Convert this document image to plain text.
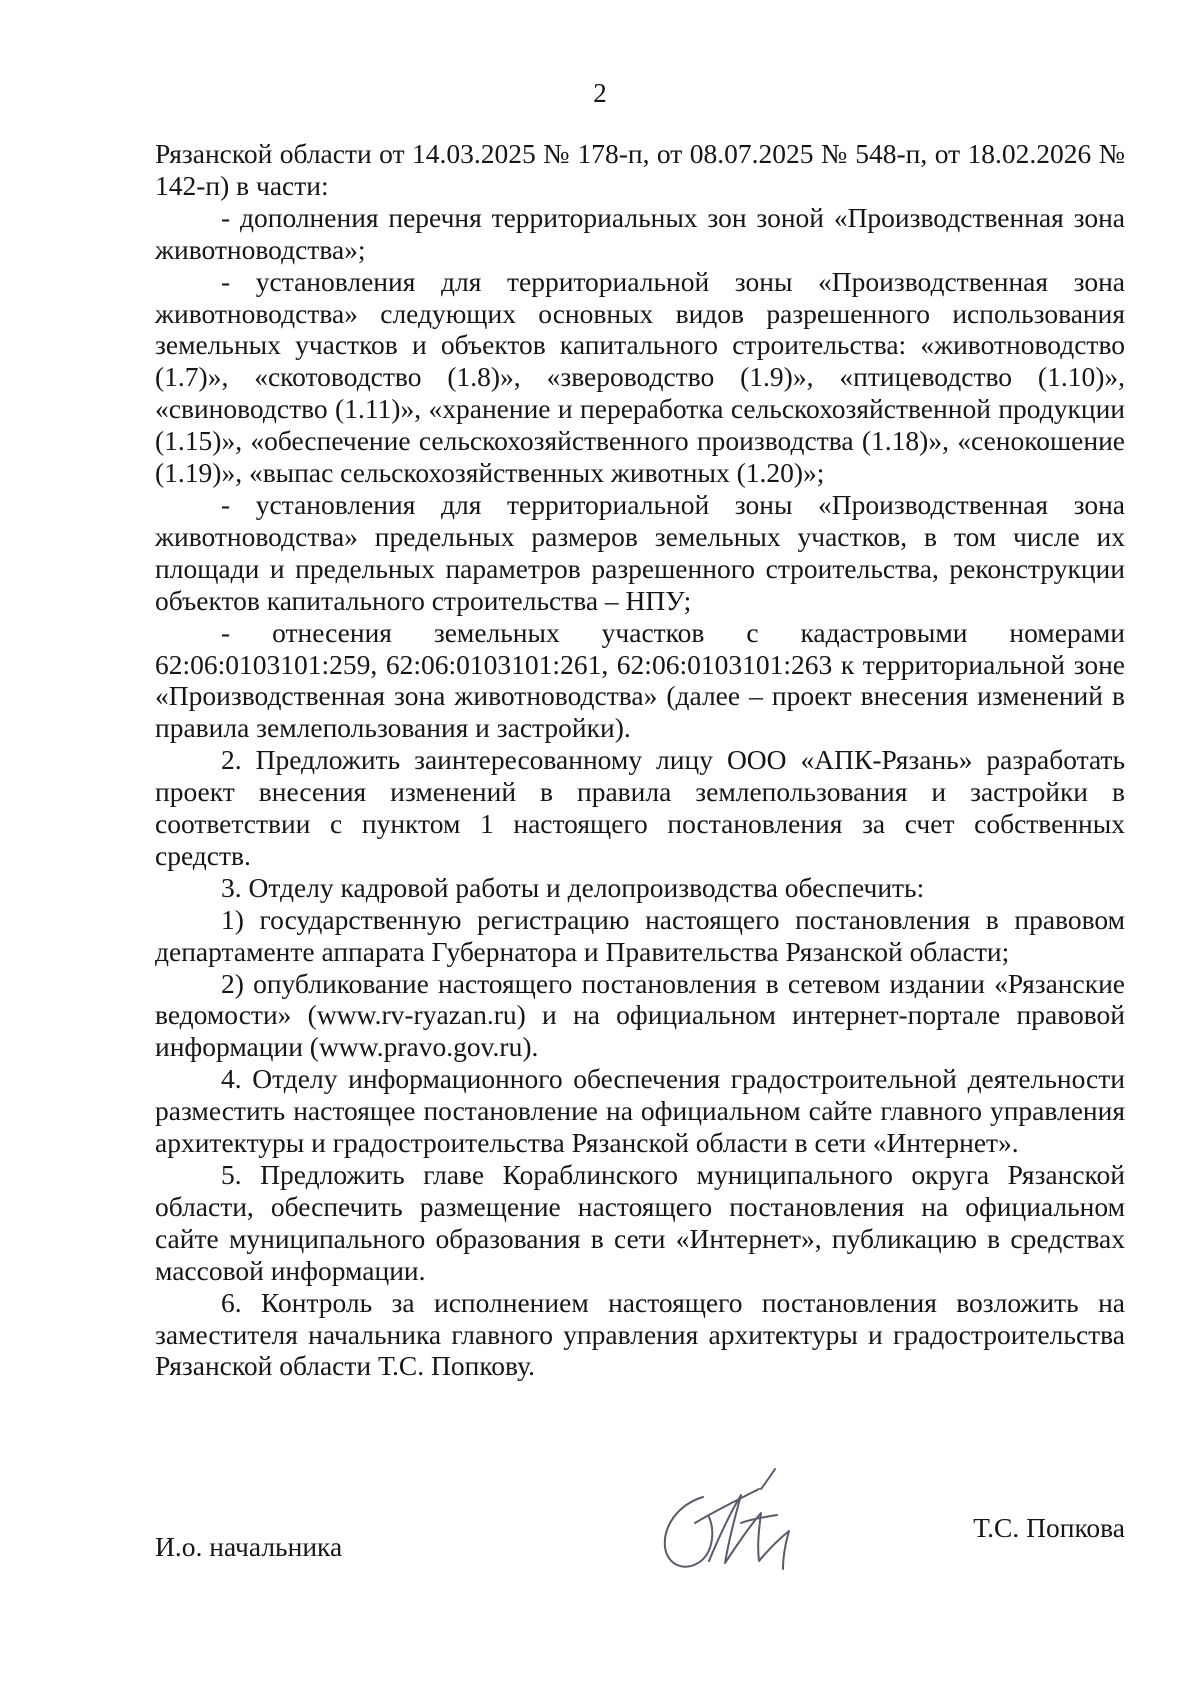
2

Рязанской области от 14.03.2025 № 178-п, от 08.07.2025 № 548-п, от 18.02.2026 № 142-п) в части:

- дополнения перечня территориальных зон зоной «Производственная зона животноводства»;

- установления для территориальной зоны «Производственная зона животноводства» следующих основных видов разрешенного использования земельных участков и объектов капитального строительства: «животноводство (1.7)», «скотоводство (1.8)», «звероводство (1.9)», «птицеводство (1.10)», «свиноводство (1.11)», «хранение и переработка сельскохозяйственной продукции (1.15)», «обеспечение сельскохозяйственного производства (1.18)», «сенокошение (1.19)», «выпас сельскохозяйственных животных (1.20)»;

- установления для территориальной зоны «Производственная зона животноводства» предельных размеров земельных участков, в том числе их площади и предельных параметров разрешенного строительства, реконструкции объектов капитального строительства – НПУ;

- отнесения земельных участков с кадастровыми номерами 62:06:0103101:259, 62:06:0103101:261, 62:06:0103101:263 к территориальной зоне «Производственная зона животноводства» (далее – проект внесения изменений в правила землепользования и застройки).

2. Предложить заинтересованному лицу ООО «АПК-Рязань» разработать проект внесения изменений в правила землепользования и застройки в соответствии с пунктом 1 настоящего постановления за счет собственных средств.

3. Отделу кадровой работы и делопроизводства обеспечить:

1) государственную регистрацию настоящего постановления в правовом департаменте аппарата Губернатора и Правительства Рязанской области;

2) опубликование настоящего постановления в сетевом издании «Рязанские ведомости» (www.rv-ryazan.ru) и на официальном интернет-портале правовой информации (www.pravo.gov.ru).

4. Отделу информационного обеспечения градостроительной деятельности разместить настоящее постановление на официальном сайте главного управления архитектуры и градостроительства Рязанской области в сети «Интернет».

5. Предложить главе Кораблинского муниципального округа Рязанской области, обеспечить размещение настоящего постановления на официальном сайте муниципального образования в сети «Интернет», публикацию в средствах массовой информации.

6. Контроль за исполнением настоящего постановления возложить на заместителя начальника главного управления архитектуры и градостроительства Рязанской области Т.С. Попкову.

И.о. начальника
Т.С. Попкова
